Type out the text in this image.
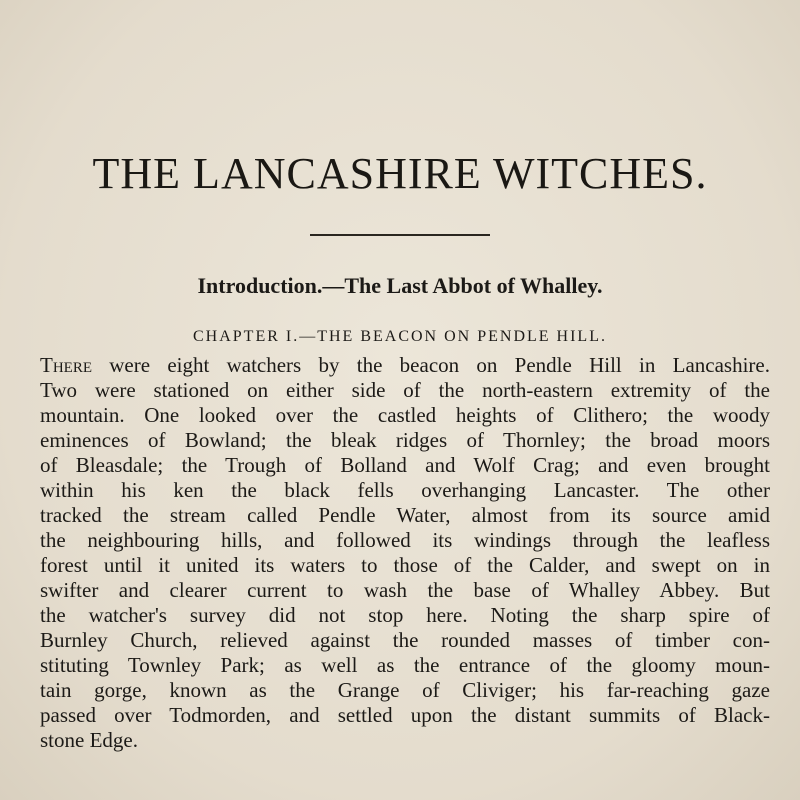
THE LANCASHIRE WITCHES.
Introduction.—The Last Abbot of Whalley.
CHAPTER I.—THE BEACON ON PENDLE HILL.
There were eight watchers by the beacon on Pendle Hill in Lancashire.
Two were stationed on either side of the north-eastern extremity of the
mountain. One looked over the castled heights of Clithero; the woody
eminences of Bowland; the bleak ridges of Thornley; the broad moors
of Bleasdale; the Trough of Bolland and Wolf Crag; and even brought
within his ken the black fells overhanging Lancaster. The other
tracked the stream called Pendle Water, almost from its source amid
the neighbouring hills, and followed its windings through the leafless
forest until it united its waters to those of the Calder, and swept on in
swifter and clearer current to wash the base of Whalley Abbey. But
the watcher's survey did not stop here. Noting the sharp spire of
Burnley Church, relieved against the rounded masses of timber con-
stituting Townley Park; as well as the entrance of the gloomy moun-
tain gorge, known as the Grange of Cliviger; his far-reaching gaze
passed over Todmorden, and settled upon the distant summits of Black-
stone Edge.
